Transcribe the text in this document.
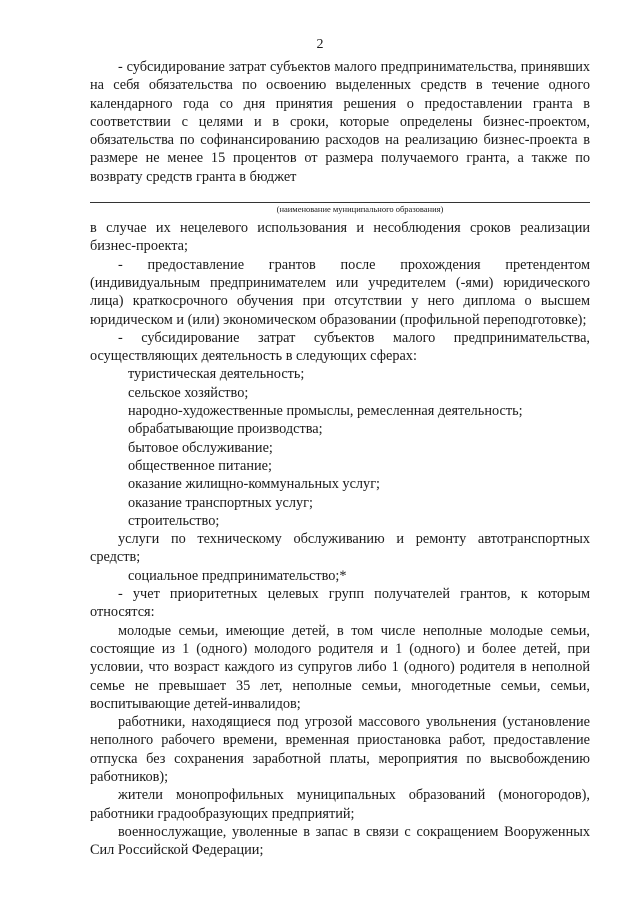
2

- субсидирование затрат субъектов малого предпринимательства, принявших на себя обязательства по освоению выделенных средств в течение одного календарного года со дня принятия решения о предоставлении гранта в соответствии с целями и в сроки, которые определены бизнес-проектом, обязательства по софинансированию расходов на реализацию бизнес-проекта в размере не менее 15 процентов от размера получаемого гранта, а также по возврату средств гранта в бюджет

(наименование муниципального образования)

в случае их нецелевого использования и несоблюдения сроков реализации бизнес-проекта;

- предоставление грантов после прохождения претендентом (индивидуальным предпринимателем или учредителем (-ями) юридического лица) краткосрочного обучения при отсутствии у него диплома о высшем юридическом и (или) экономическом образовании (профильной переподготовке);

- субсидирование затрат субъектов малого предпринимательства, осуществляющих деятельность в следующих сферах:

туристическая деятельность;

сельское хозяйство;

народно-художественные промыслы, ремесленная деятельность;

обрабатывающие производства;

бытовое обслуживание;

общественное питание;

оказание жилищно-коммунальных услуг;

оказание транспортных услуг;

строительство;

услуги по техническому обслуживанию и ремонту автотранспортных средств;

социальное предпринимательство;*

- учет приоритетных целевых групп получателей грантов, к которым относятся:

молодые семьи, имеющие детей, в том числе неполные молодые семьи, состоящие из 1 (одного) молодого родителя и 1 (одного) и более детей, при условии, что возраст каждого из супругов либо 1 (одного) родителя в неполной семье не превышает 35 лет, неполные семьи, многодетные семьи, семьи, воспитывающие детей-инвалидов;

работники, находящиеся под угрозой массового увольнения (установление неполного рабочего времени, временная приостановка работ, предоставление отпуска без сохранения заработной платы, мероприятия по высвобождению работников);

жители монопрофильных муниципальных образований (моногородов), работники градообразующих предприятий;

военнослужащие, уволенные в запас в связи с сокращением Вооруженных Сил Российской Федерации;
